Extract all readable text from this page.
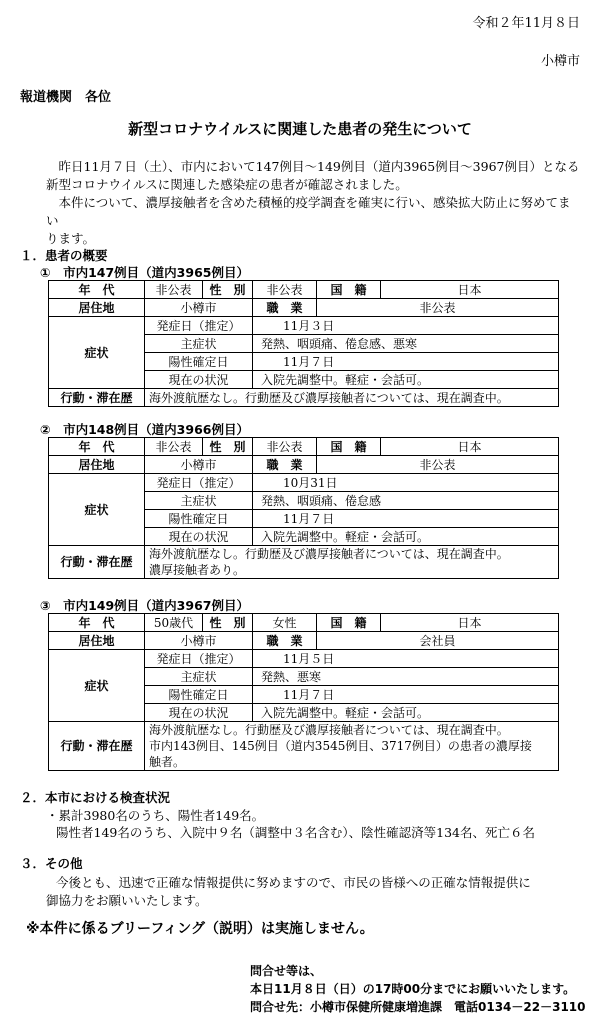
令和２年11月８日
小樽市
報道機関　各位
新型コロナウイルスに関連した患者の発生について

昨日11月７日（土）、市内において147例目～149例目（道内3965例目～3967例目）となる

新型コロナウイルスに関連した感染症の患者が確認されました。

本件について、濃厚接触者を含めた積極的疫学調査を確実に行い、感染拡大防止に努めてまい

ります。

１．患者の概要
①　市内147例目（道内3965例目）
年　代	非公表	性　別	非公表	国　籍	日本
居住地	小樽市		職　業	非公表	
症状	発症日（推定）		11月３日		
	主症状		発熱、咽頭痛、倦怠感、悪寒		
	陽性確定日		11月７日		
	現在の状況		入院先調整中。軽症・会話可。		
行動・滞在歴	海外渡航歴なし。行動歴及び濃厚接触者については、現在調査中。				
②　市内148例目（道内3966例目）
年　代	非公表	性　別	非公表	国　籍	日本
居住地	小樽市		職　業	非公表	
症状	発症日（推定）		10月31日		
	主症状		発熱、咽頭痛、倦怠感		
	陽性確定日		11月７日		
	現在の状況		入院先調整中。軽症・会話可。		
行動・滞在歴	海外渡航歴なし。行動歴及び濃厚接触者については、現在調査中。
濃厚接触者あり。				
③　市内149例目（道内3967例目）
年　代	50歳代	性　別	女性	国　籍	日本
居住地	小樽市		職　業	会社員	
症状	発症日（推定）		11月５日		
	主症状		発熱、悪寒		
	陽性確定日		11月７日		
	現在の状況		入院先調整中。軽症・会話可。		
行動・滞在歴	海外渡航歴なし。行動歴及び濃厚接触者については、現在調査中。
市内143例目、145例目（道内3545例目、3717例目）の患者の濃厚接
触者。				
２．本市における検査状況
・累計3980名のうち、陽性者149名。
陽性者149名のうち、入院中９名（調整中３名含む）、陰性確認済等134名、死亡６名
３．その他
今後とも、迅速で正確な情報提供に努めますので、市民の皆様への正確な情報提供に
御協力をお願いいたします。
※本件に係るブリーフィング（説明）は実施しません。
問合せ等は、
本日11月８日（日）の17時00分までにお願いいたします。
問合せ先：小樽市保健所健康増進課　電話0134－22－3110
